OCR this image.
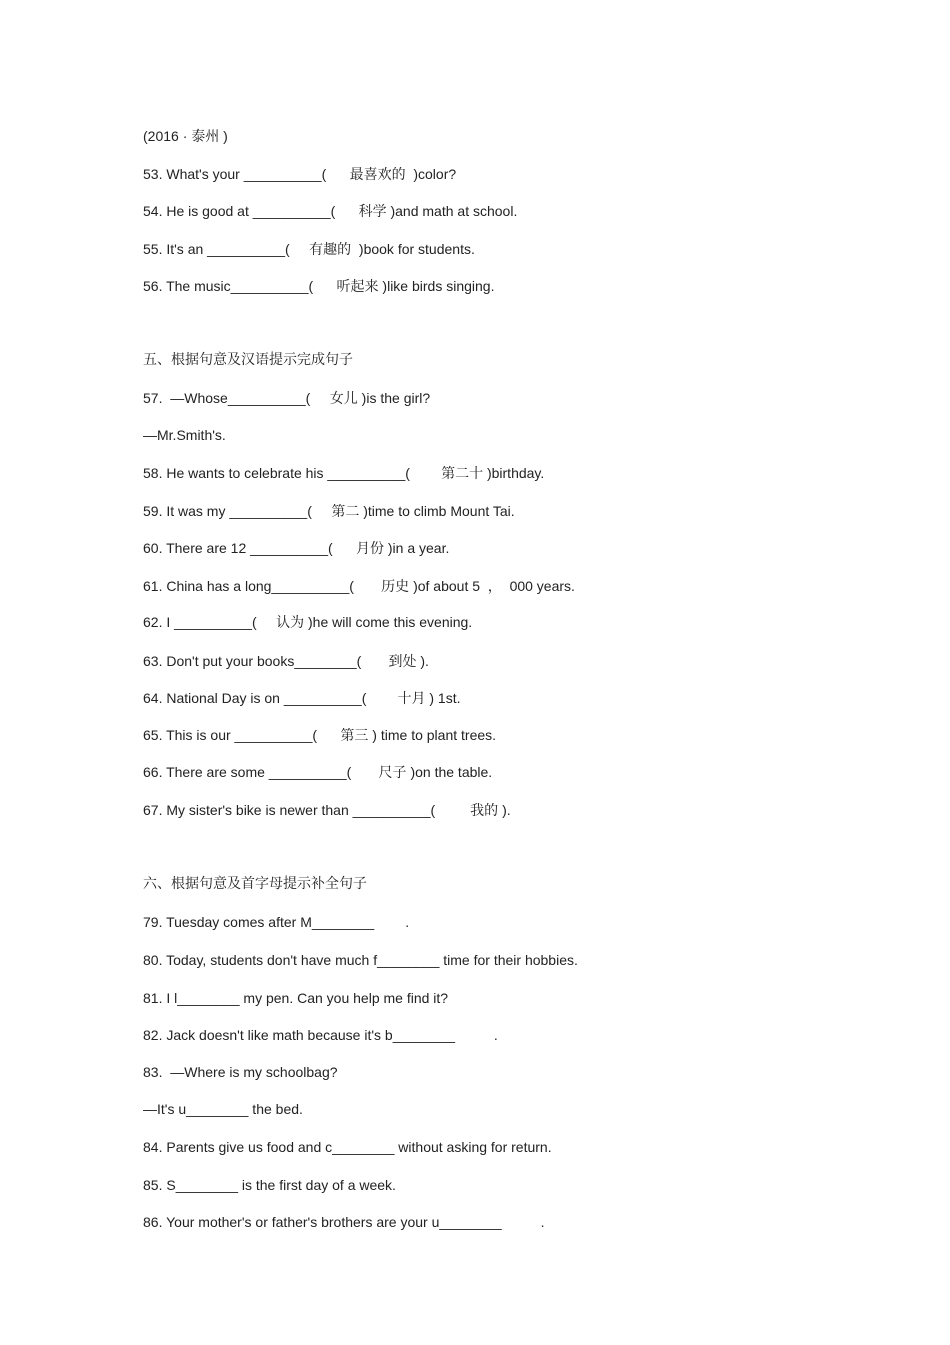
(2016 · 泰州 )
53. What's your __________(      最喜欢的  )color?
54. He is good at __________(      科学 )and math at school.
55. It's an __________(     有趣的  )book for students.
56. The music__________(      听起来 )like birds singing.
五、根据句意及汉语提示完成句子
57.  ―Whose__________(     女儿 )is the girl?
―Mr.Smith's.
58. He wants to celebrate his __________(        第二十 )birthday.
59. It was my __________(     第二 )time to climb Mount Tai.
60. There are 12 __________(      月份 )in a year.
61. China has a long__________(       历史 )of about 5  ，  000 years.
62. I __________(     认为 )he will come this evening.
63. Don't put your books________(       到处 ).
64. National Day is on __________(        十月 ) 1st.
65. This is our __________(      第三 ) time to plant trees.
66. There are some __________(       尺子 )on the table.
67. My sister's bike is newer than __________(         我的 ).
六、根据句意及首字母提示补全句子
79. Tuesday comes after M________        .
80. Today, students don't have much f________ time for their hobbies.
81. I l________ my pen. Can you help me find it?
82. Jack doesn't like math because it's b________          .
83.  ―Where is my schoolbag?
―It's u________ the bed.
84. Parents give us food and c________ without asking for return.
85. S________ is the first day of a week.
86. Your mother's or father's brothers are your u________          .
